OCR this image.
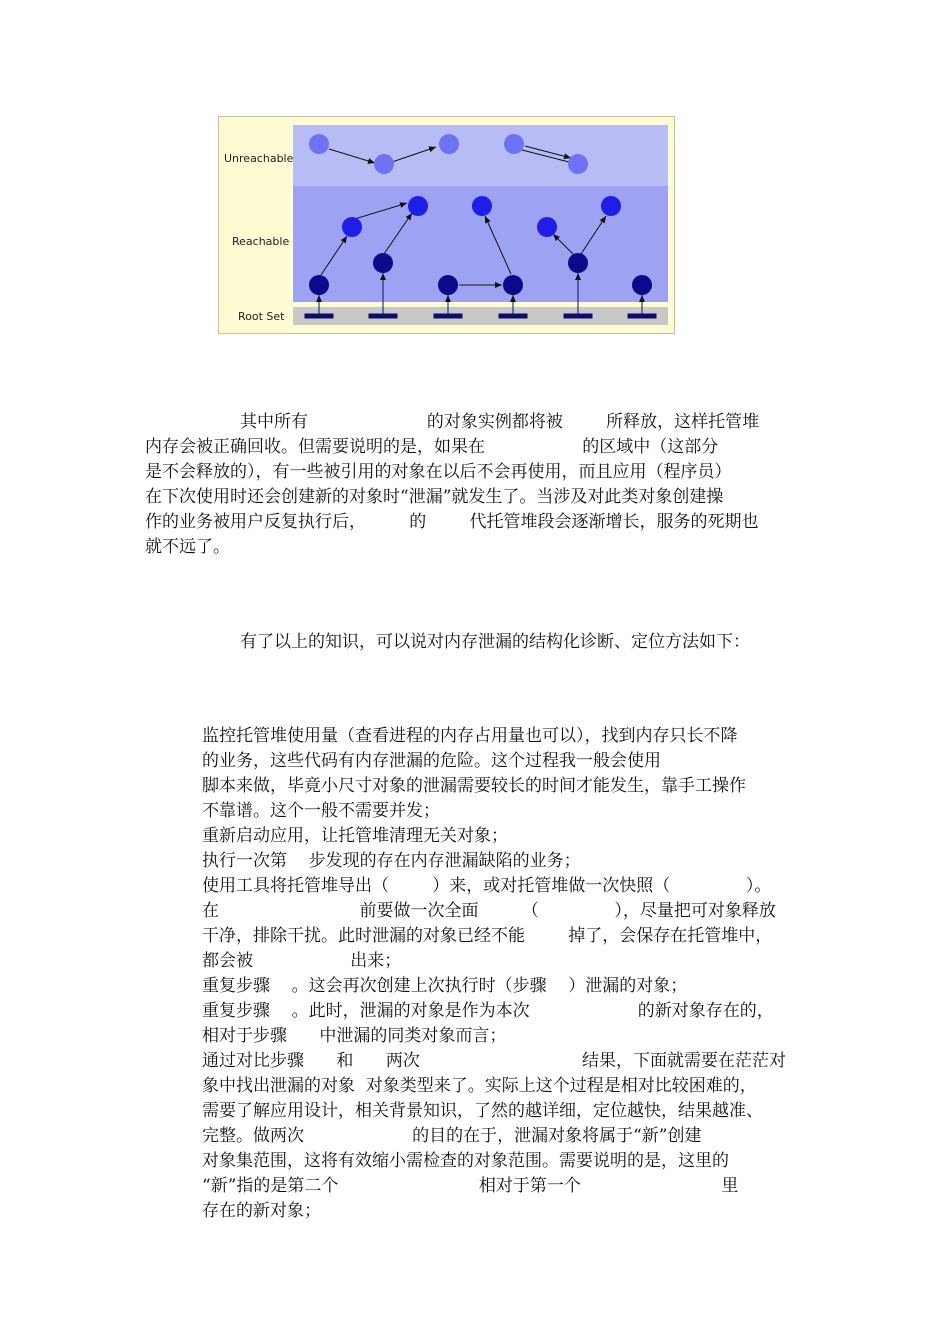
Unreachable
Reachable
Root Set
其中所有                      的对象实例都将被        所释放，这样托管堆
内存会被正确回收。但需要说明的是，如果在                  的区域中（这部分
是不会释放的），有一些被引用的对象在以后不会再使用，而且应用（程序员）
在下次使用时还会创建新的对象时“泄漏”就发生了。当涉及对此类对象创建操
作的业务被用户反复执行后，        的        代托管堆段会逐渐增长，服务的死期也
就不远了。
有了以上的知识，可以说对内存泄漏的结构化诊断、定位方法如下：
监控托管堆使用量（查看进程的内存占用量也可以），找到内存只长不降
的业务，这些代码有内存泄漏的危险。这个过程我一般会使用
脚本来做，毕竟小尺寸对象的泄漏需要较长的时间才能发生，靠手工操作
不靠谱。这个一般不需要并发；
重新启动应用，让托管堆清理无关对象；
执行一次第    步发现的存在内存泄漏缺陷的业务；
使用工具将托管堆导出（        ）来，或对托管堆做一次快照（              ）。
在                          前要做一次全面        （              ），尽量把可对象释放
干净，排除干扰。此时泄漏的对象已经不能        掉了，会保存在托管堆中，
都会被                  出来；
重复步骤    。这会再次创建上次执行时（步骤    ）泄漏的对象；
重复步骤    。此时，泄漏的对象是作为本次                    的新对象存在的，
相对于步骤      中泄漏的同类对象而言；
通过对比步骤      和      两次                              结果，下面就需要在茫茫对
象中找出泄漏的对象  对象类型来了。实际上这个过程是相对比较困难的，
需要了解应用设计，相关背景知识，了然的越详细，定位越快，结果越准、
完整。做两次                    的目的在于，泄漏对象将属于“新”创建
对象集范围，这将有效缩小需检查的对象范围。需要说明的是，这里的
“新”指的是第二个                          相对于第一个                          里
存在的新对象；
